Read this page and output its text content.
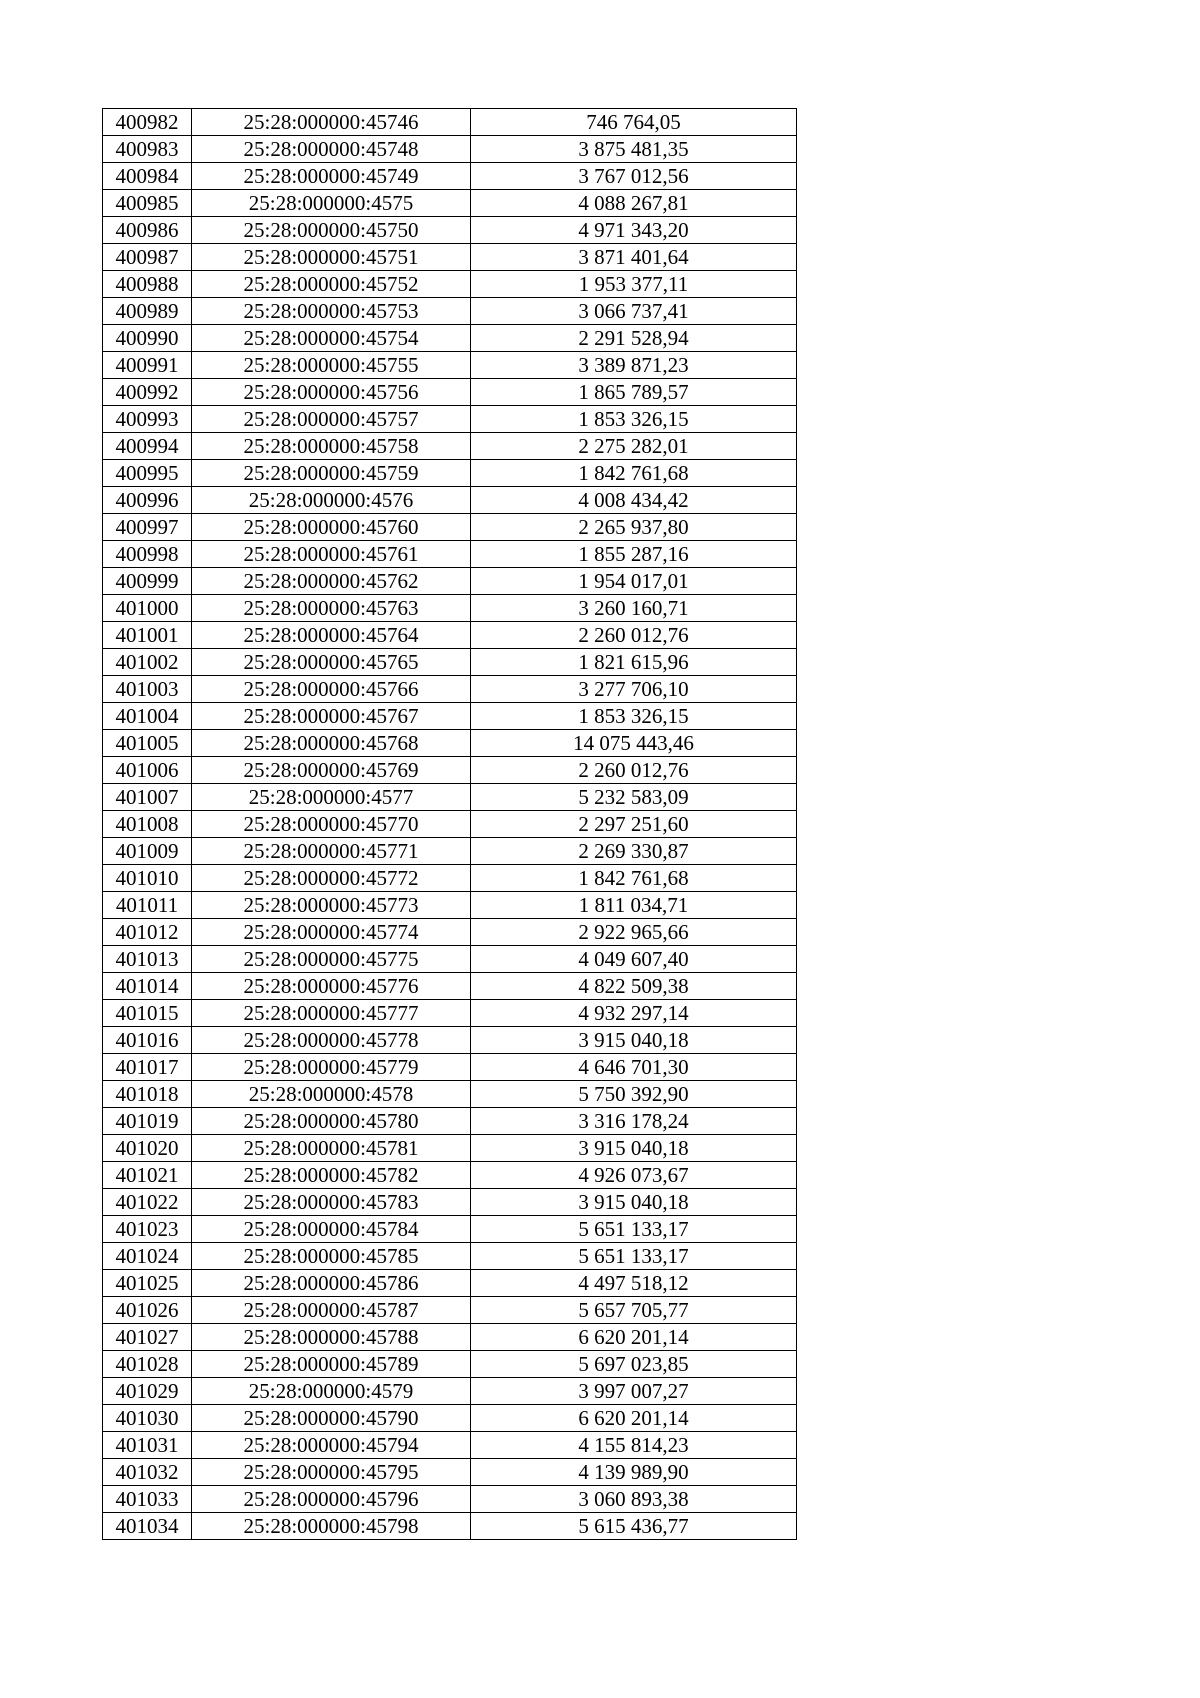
400982	25:28:000000:45746	746 764,05
400983	25:28:000000:45748	3 875 481,35
400984	25:28:000000:45749	3 767 012,56
400985	25:28:000000:4575	4 088 267,81
400986	25:28:000000:45750	4 971 343,20
400987	25:28:000000:45751	3 871 401,64
400988	25:28:000000:45752	1 953 377,11
400989	25:28:000000:45753	3 066 737,41
400990	25:28:000000:45754	2 291 528,94
400991	25:28:000000:45755	3 389 871,23
400992	25:28:000000:45756	1 865 789,57
400993	25:28:000000:45757	1 853 326,15
400994	25:28:000000:45758	2 275 282,01
400995	25:28:000000:45759	1 842 761,68
400996	25:28:000000:4576	4 008 434,42
400997	25:28:000000:45760	2 265 937,80
400998	25:28:000000:45761	1 855 287,16
400999	25:28:000000:45762	1 954 017,01
401000	25:28:000000:45763	3 260 160,71
401001	25:28:000000:45764	2 260 012,76
401002	25:28:000000:45765	1 821 615,96
401003	25:28:000000:45766	3 277 706,10
401004	25:28:000000:45767	1 853 326,15
401005	25:28:000000:45768	14 075 443,46
401006	25:28:000000:45769	2 260 012,76
401007	25:28:000000:4577	5 232 583,09
401008	25:28:000000:45770	2 297 251,60
401009	25:28:000000:45771	2 269 330,87
401010	25:28:000000:45772	1 842 761,68
401011	25:28:000000:45773	1 811 034,71
401012	25:28:000000:45774	2 922 965,66
401013	25:28:000000:45775	4 049 607,40
401014	25:28:000000:45776	4 822 509,38
401015	25:28:000000:45777	4 932 297,14
401016	25:28:000000:45778	3 915 040,18
401017	25:28:000000:45779	4 646 701,30
401018	25:28:000000:4578	5 750 392,90
401019	25:28:000000:45780	3 316 178,24
401020	25:28:000000:45781	3 915 040,18
401021	25:28:000000:45782	4 926 073,67
401022	25:28:000000:45783	3 915 040,18
401023	25:28:000000:45784	5 651 133,17
401024	25:28:000000:45785	5 651 133,17
401025	25:28:000000:45786	4 497 518,12
401026	25:28:000000:45787	5 657 705,77
401027	25:28:000000:45788	6 620 201,14
401028	25:28:000000:45789	5 697 023,85
401029	25:28:000000:4579	3 997 007,27
401030	25:28:000000:45790	6 620 201,14
401031	25:28:000000:45794	4 155 814,23
401032	25:28:000000:45795	4 139 989,90
401033	25:28:000000:45796	3 060 893,38
401034	25:28:000000:45798	5 615 436,77
